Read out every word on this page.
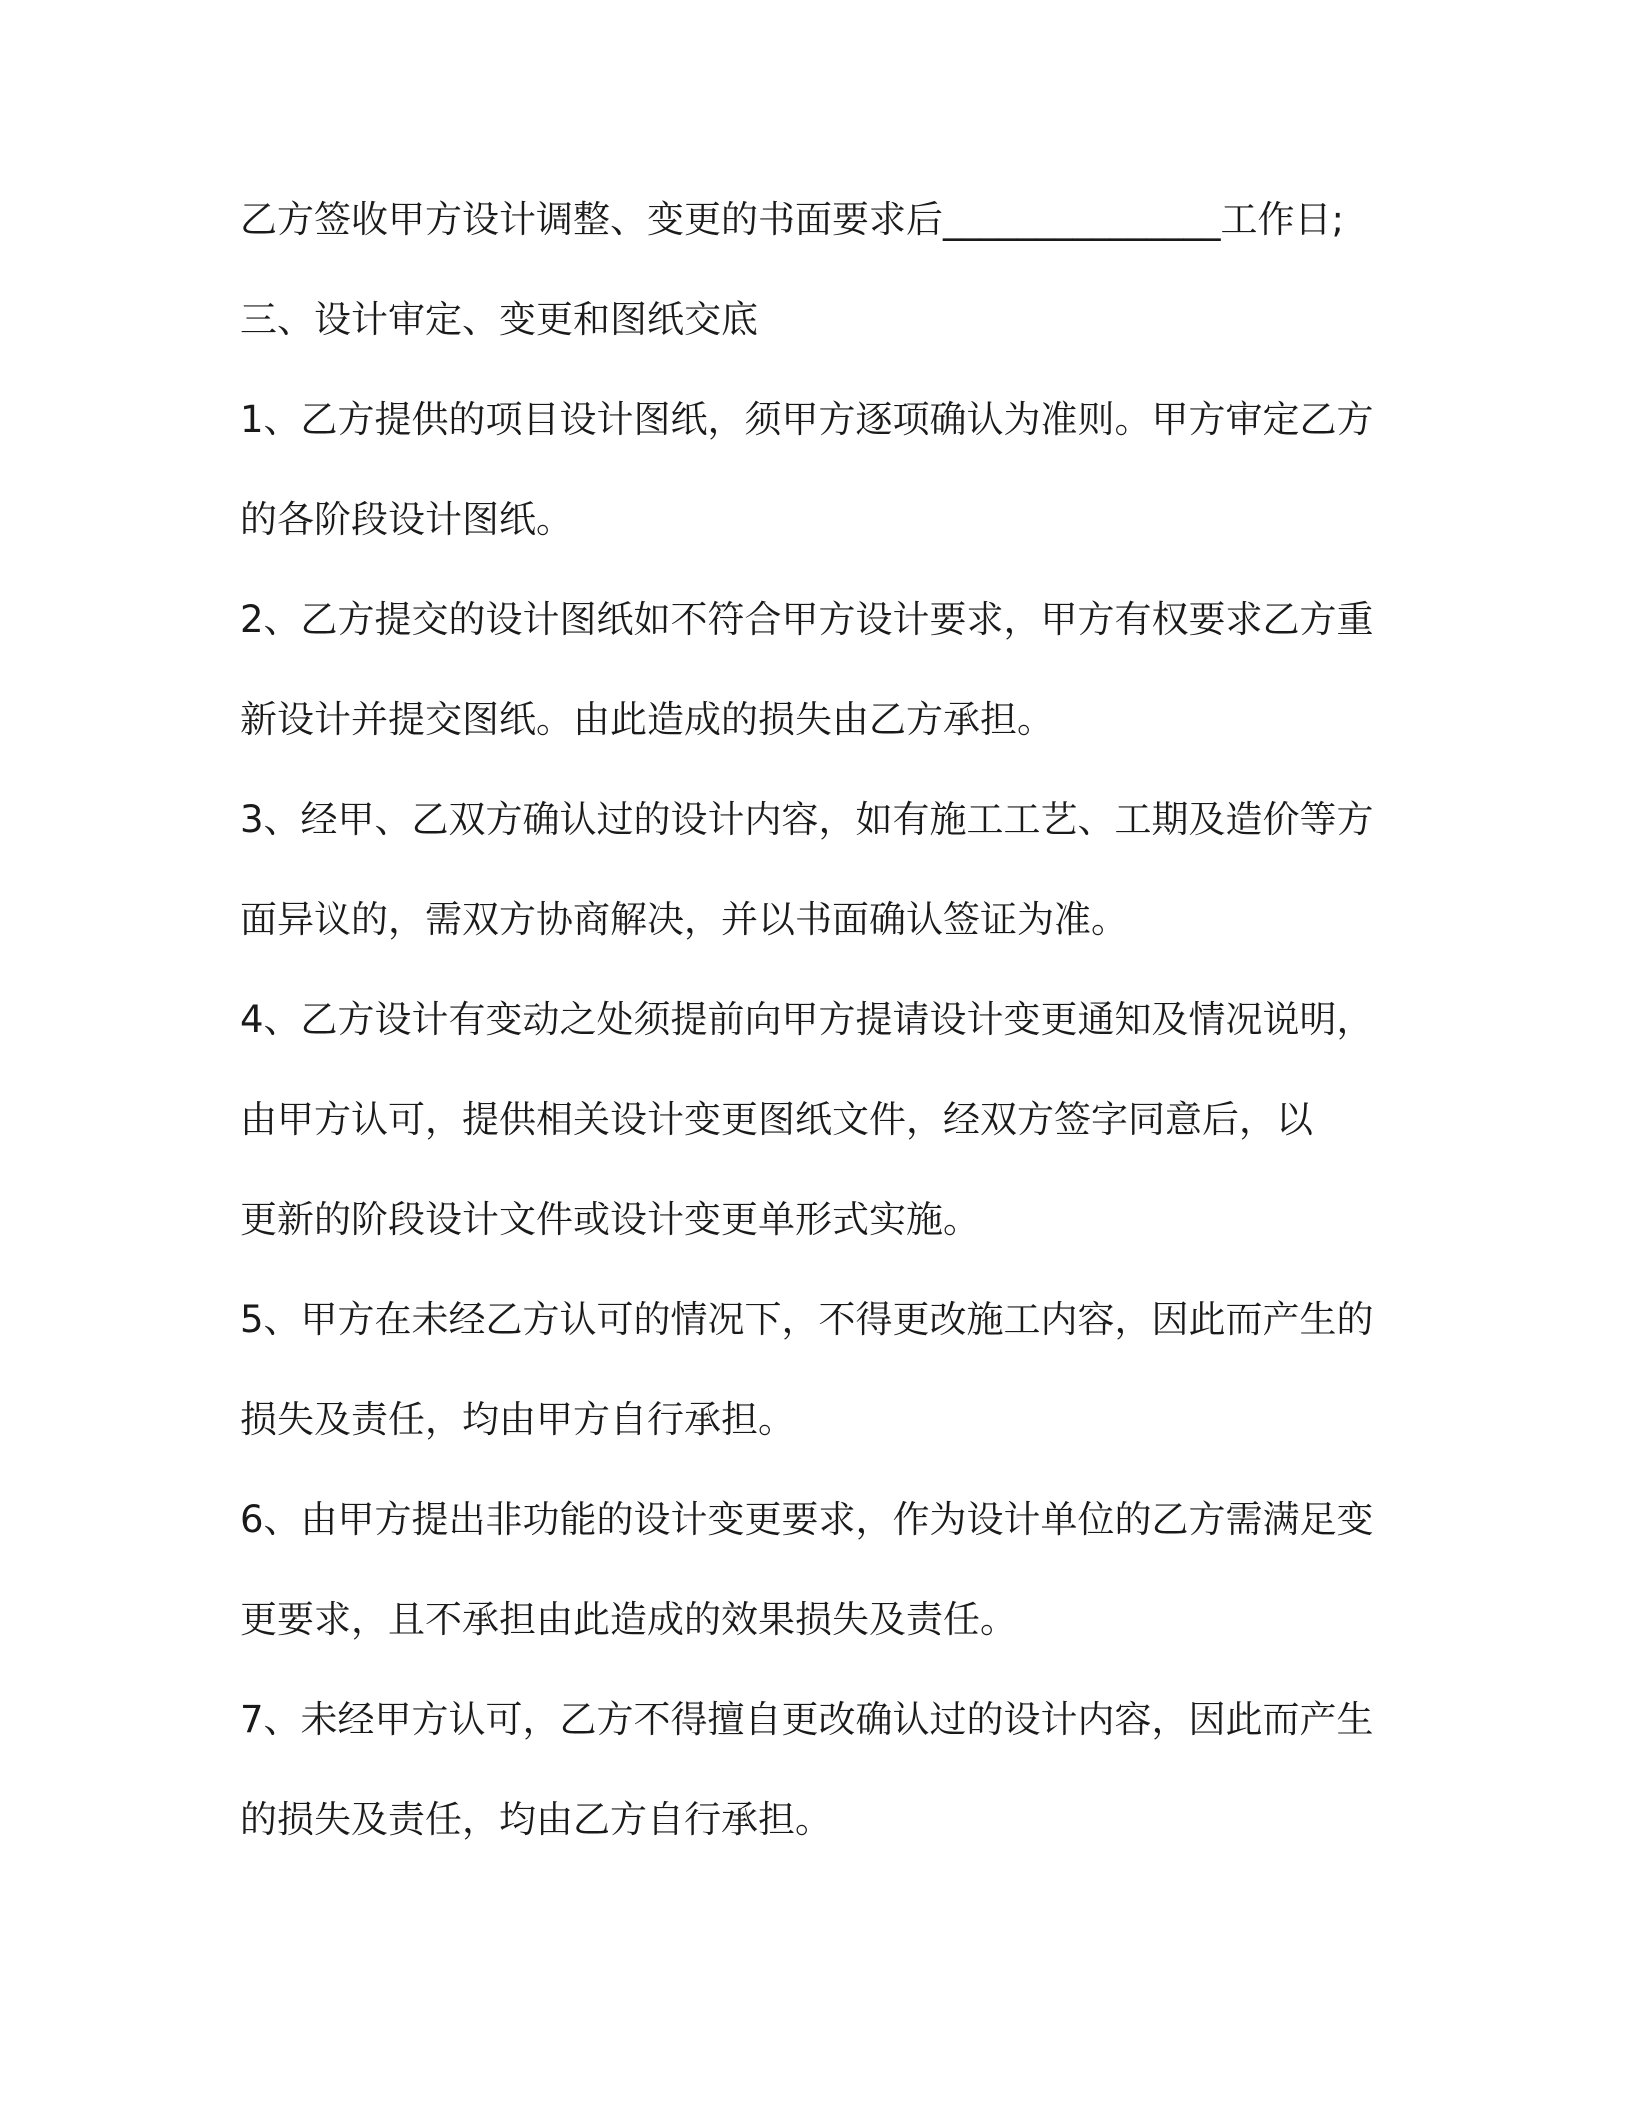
乙方签收甲方设计调整、变更的书面要求后_______________工作日;
三、设计审定、变更和图纸交底
1、乙方提供的项目设计图纸，须甲方逐项确认为准则。甲方审定乙方
的各阶段设计图纸。
2、乙方提交的设计图纸如不符合甲方设计要求，甲方有权要求乙方重
新设计并提交图纸。由此造成的损失由乙方承担。
3、经甲、乙双方确认过的设计内容，如有施工工艺、工期及造价等方
面异议的，需双方协商解决，并以书面确认签证为准。
4、乙方设计有变动之处须提前向甲方提请设计变更通知及情况说明，
由甲方认可，提供相关设计变更图纸文件，经双方签字同意后，以
更新的阶段设计文件或设计变更单形式实施。
5、甲方在未经乙方认可的情况下，不得更改施工内容，因此而产生的
损失及责任，均由甲方自行承担。
6、由甲方提出非功能的设计变更要求，作为设计单位的乙方需满足变
更要求，且不承担由此造成的效果损失及责任。
7、未经甲方认可，乙方不得擅自更改确认过的设计内容，因此而产生
的损失及责任，均由乙方自行承担。
